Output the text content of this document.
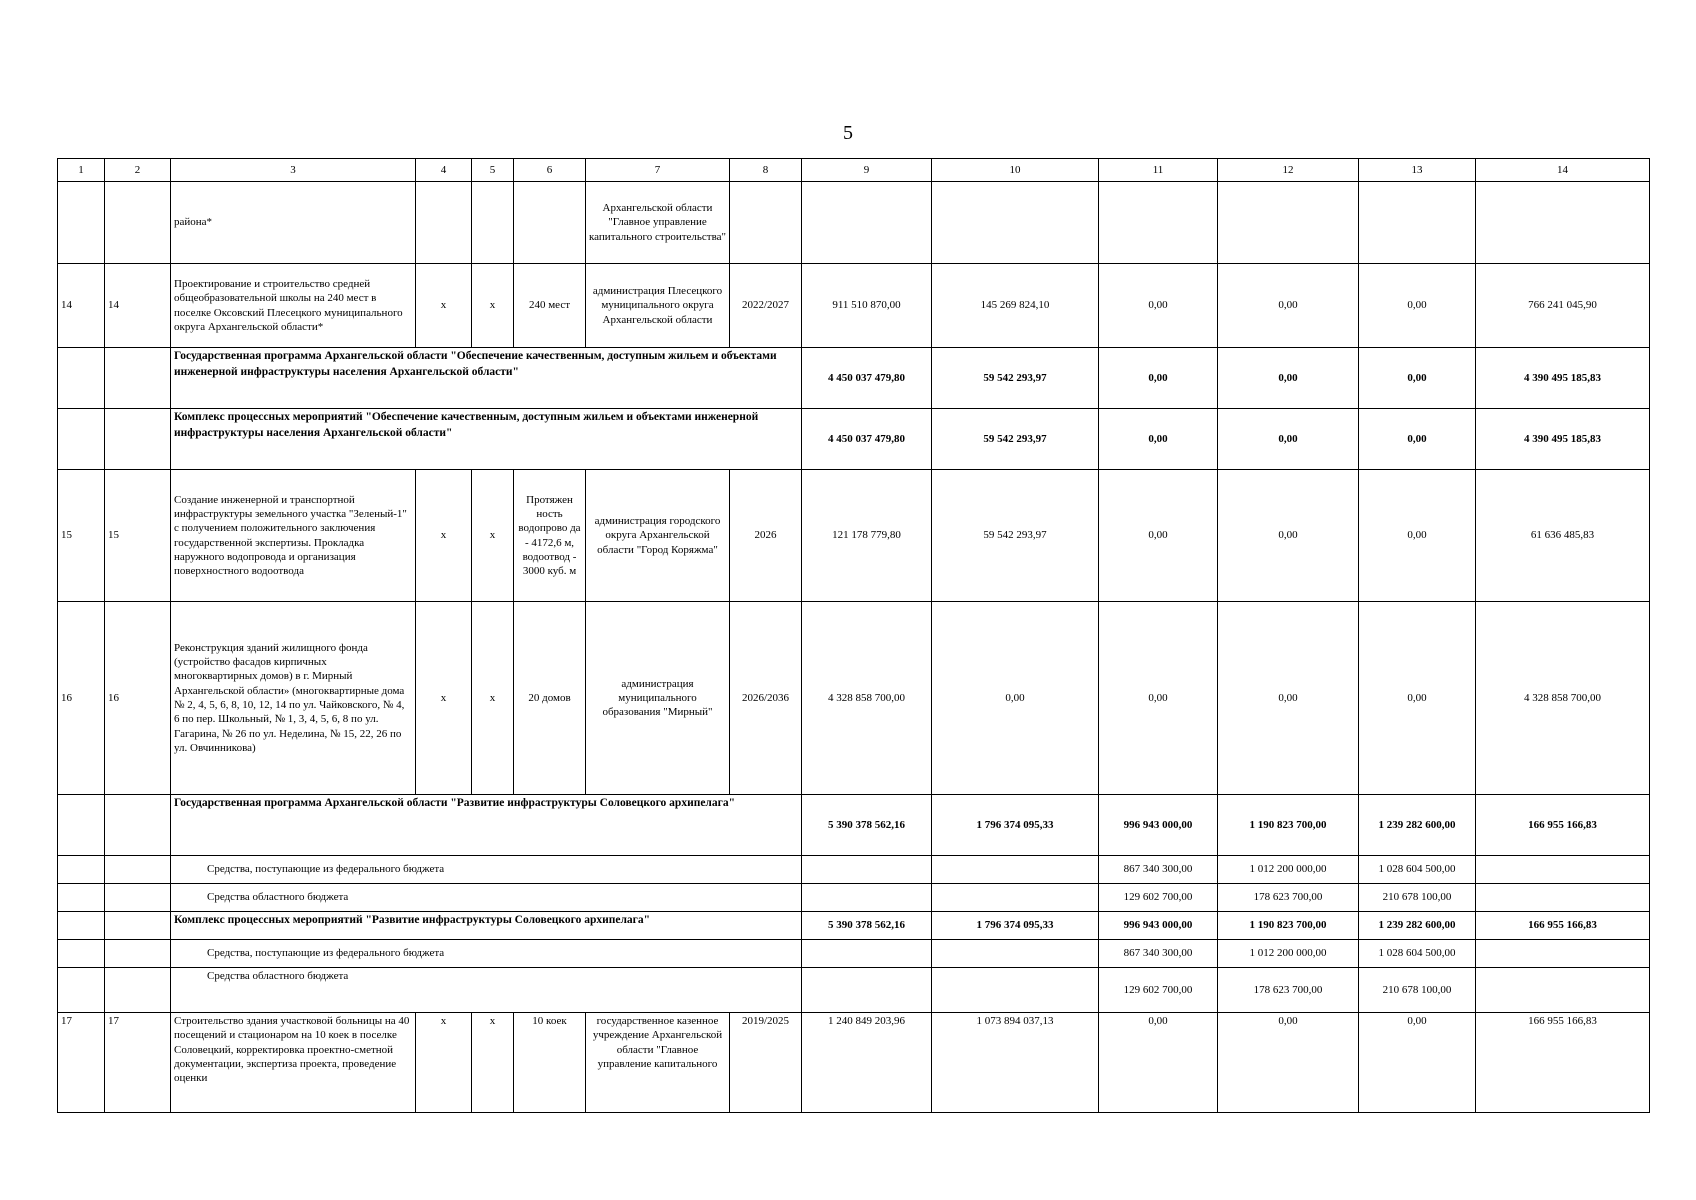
5
1	2	3	4	5	6	7	8	9	10	11	12	13	14
		района*				Архангельской области "Главное управление капитального строительства"							
14	14	Проектирование и строительство средней общеобразовательной школы на 240 мест в поселке Оксовский Плесецкого муниципального округа Архангельской области*	х	х	240 мест	администрация Плесецкого муниципального округа Архангельской области	2022/2027	911 510 870,00	145 269 824,10	0,00	0,00	0,00	766 241 045,90
		Государственная программа Архангельской области "Обеспечение качественным, доступным жильем и объектами инженерной инфраструктуры населения Архангельской области"						4 450 037 479,80	59 542 293,97	0,00	0,00	0,00	4 390 495 185,83
		Комплекс процессных мероприятий "Обеспечение качественным, доступным жильем и объектами инженерной инфраструктуры населения Архангельской области"						4 450 037 479,80	59 542 293,97	0,00	0,00	0,00	4 390 495 185,83
15	15	Создание инженерной и транспортной инфраструктуры земельного участка "Зеленый-1" с получением положительного заключения государственной экспертизы. Прокладка наружного водопровода и организация поверхностного водоотвода	х	х	Протяжен ность водопрово да - 4172,6 м, водоотвод - 3000 куб. м	администрация городского округа Архангельской области "Город Коряжма"	2026	121 178 779,80	59 542 293,97	0,00	0,00	0,00	61 636 485,83
16	16	Реконструкция зданий жилищного фонда (устройство фасадов кирпичных многоквартирных домов) в г. Мирный Архангельской области» (многоквартирные дома № 2, 4, 5, 6, 8, 10, 12, 14 по ул. Чайковского, № 4, 6 по пер. Школьный, № 1, 3, 4, 5, 6, 8 по ул. Гагарина, № 26 по ул. Неделина, № 15, 22, 26 по ул. Овчинникова)	х	х	20 домов	администрация муниципального образования "Мирный"	2026/2036	4 328 858 700,00	0,00	0,00	0,00	0,00	4 328 858 700,00
		Государственная программа Архангельской области "Развитие инфраструктуры Соловецкого архипелага"						5 390 378 562,16	1 796 374 095,33	996 943 000,00	1 190 823 700,00	1 239 282 600,00	166 955 166,83
		Средства, поступающие из федерального бюджета								867 340 300,00	1 012 200 000,00	1 028 604 500,00	
		Средства областного бюджета								129 602 700,00	178 623 700,00	210 678 100,00	
		Комплекс процессных мероприятий "Развитие инфраструктуры Соловецкого архипелага"						5 390 378 562,16	1 796 374 095,33	996 943 000,00	1 190 823 700,00	1 239 282 600,00	166 955 166,83
		Средства, поступающие из федерального бюджета								867 340 300,00	1 012 200 000,00	1 028 604 500,00	
		Средства областного бюджета								129 602 700,00	178 623 700,00	210 678 100,00	
17	17	Строительство здания участковой больницы на 40 посещений и стационаром на 10 коек в поселке Соловецкий, корректировка проектно-сметной документации, экспертиза проекта, проведение оценки	х	х	10 коек	государственное казенное учреждение Архангельской области "Главное управление капитального	2019/2025	1 240 849 203,96	1 073 894 037,13	0,00	0,00	0,00	166 955 166,83
